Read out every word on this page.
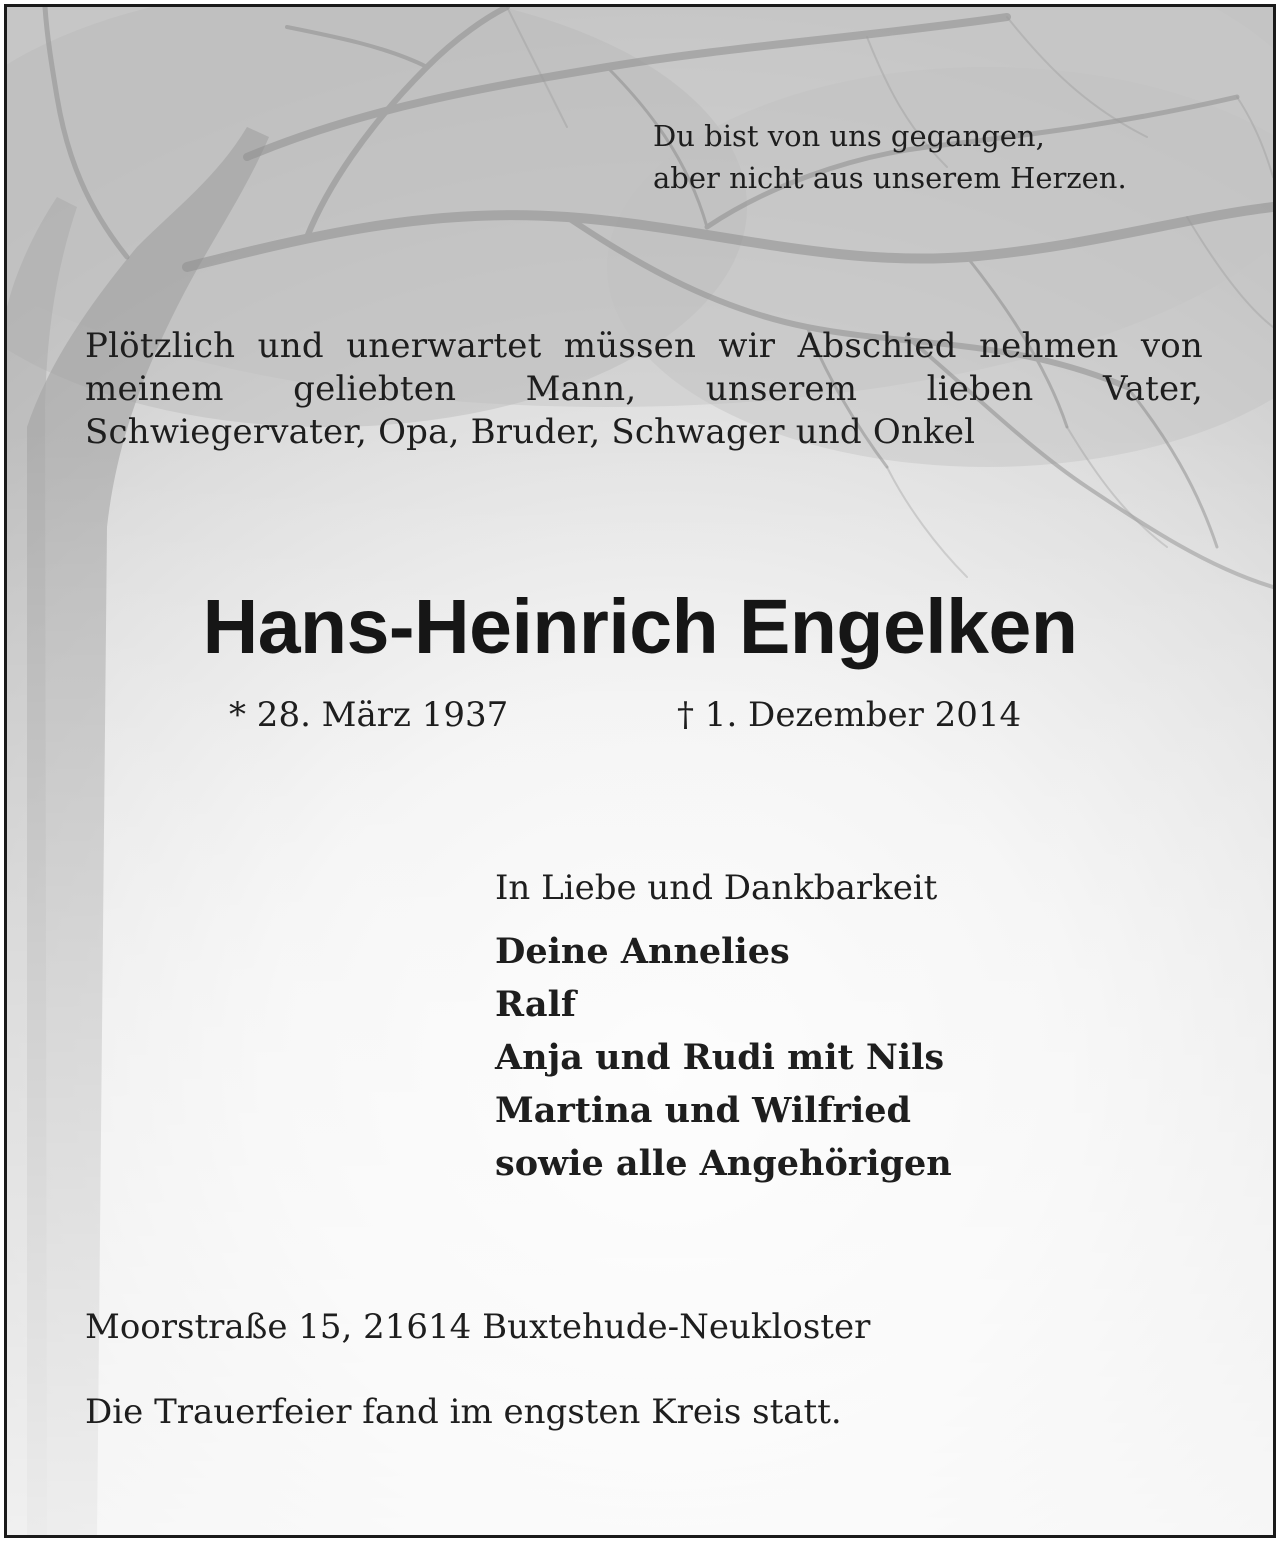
Du bist von uns gegangen,
aber nicht aus unserem Herzen.

Plötzlich und unerwartet müssen wir Abschied nehmen von meinem geliebten Mann, unserem lieben Vater, Schwiegervater, Opa, Bruder, Schwager und Onkel

Hans-Heinrich Engelken

* 28. März 1937	† 1. Dezember 2014

In Liebe und Dankbarkeit

Deine Annelies
Ralf
Anja und Rudi mit Nils
Martina und Wilfried
sowie alle Angehörigen

Moorstraße 15, 21614 Buxtehude-Neukloster

Die Trauerfeier fand im engsten Kreis statt.
